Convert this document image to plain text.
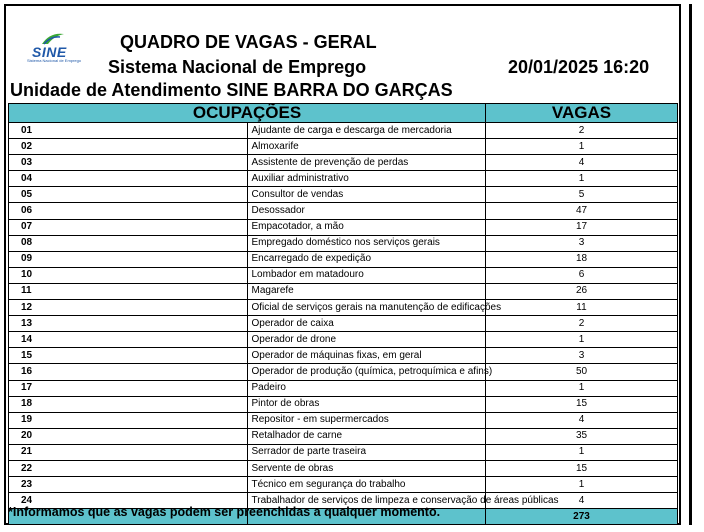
SINE
Sistema Nacional de Emprego
QUADRO DE VAGAS - GERAL
Sistema Nacional de Emprego	20/01/2025 16:20
Unidade de Atendimento SINE BARRA DO GARÇAS
OCUPAÇÕES		VAGAS
01	Ajudante de carga e descarga de mercadoria	2
02	Almoxarife	1
03	Assistente de prevenção de perdas	4
04	Auxiliar administrativo	1
05	Consultor de vendas	5
06	Desossador	47
07	Empacotador, a mão	17
08	Empregado doméstico nos serviços gerais	3
09	Encarregado de expedição	18
10	Lombador em matadouro	6
11	Magarefe	26
12	Oficial de serviços gerais na manutenção de edificações	11
13	Operador de caixa	2
14	Operador de drone	1
15	Operador de máquinas fixas, em geral	3
16	Operador de produção (química, petroquímica e afins)	50
17	Padeiro	1
18	Pintor de obras	15
19	Repositor - em supermercados	4
20	Retalhador de carne	35
21	Serrador de parte traseira	1
22	Servente de obras	15
23	Técnico em segurança do trabalho	1
24	Trabalhador de serviços de limpeza e conservação de áreas públicas	4
		273
*Informamos que as vagas podem ser preenchidas a qualquer momento.
